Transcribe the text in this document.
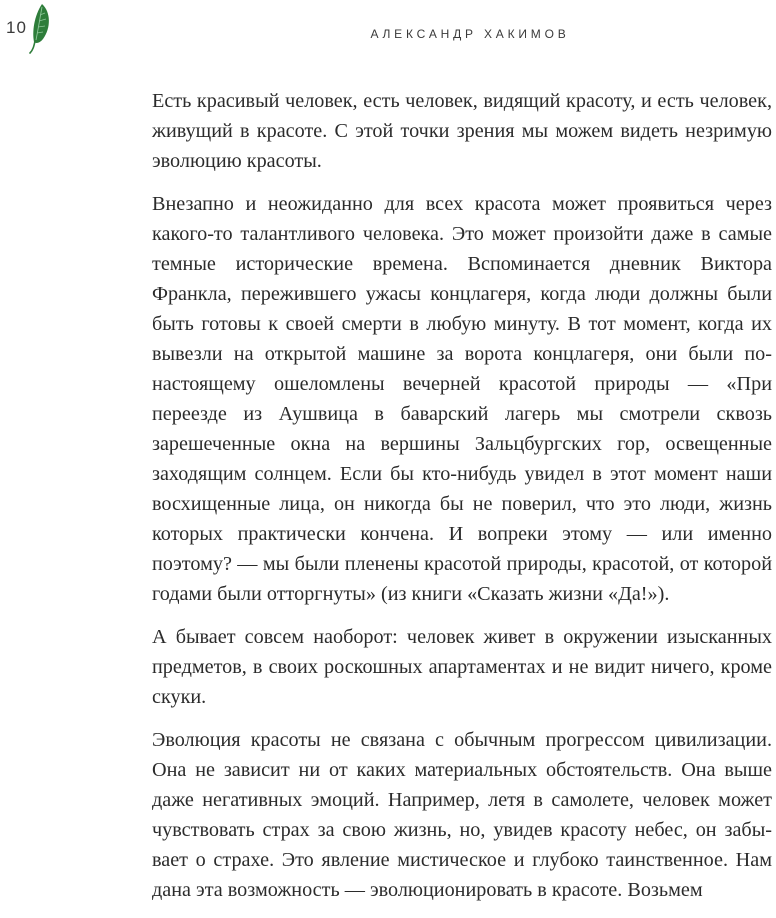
10	АЛЕКСАНДР ХАКИМОВ

Есть красивый человек, есть человек, видящий красоту, и есть человек, живущий в красоте. С этой точки зрения мы можем видеть незримую эволюцию красоты.

Внезапно и неожиданно для всех красота может проявиться через какого-то талантливого человека. Это может произойти даже в самые темные исторические времена. Вспоминается дневник Виктора Франкла, пережившего ужасы концлагеря, когда люди должны были быть готовы к своей смерти в любую минуту. В тот момент, когда их вывезли на открытой машине за ворота концлагеря, они были по-настоящему ошеломлены вечерней красотой природы — «При переезде из Аушвица в баварский лагерь мы смотрели сквозь зарешеченные окна на вершины Зальцбургских гор, освещенные заходящим солнцем. Если бы кто-нибудь увидел в этот момент наши восхищенные лица, он никогда бы не поверил, что это люди, жизнь которых практически кончена. И вопреки этому — или именно поэтому? — мы были пленены красотой природы, красотой, от которой годами были отторгнуты» (из книги «Сказать жизни «Да!»).

А бывает совсем наоборот: человек живет в окружении изысканных предметов, в своих роскошных апартаментах и не видит ничего, кроме скуки.

Эволюция красоты не связана с обычным прогрессом цивилизации. Она не зависит ни от каких материальных обстоятельств. Она выше даже негативных эмоций. Например, летя в самолете, человек может чувствовать страх за свою жизнь, но, увидев красоту небес, он забывает о страхе. Это явление мистическое и глубоко таинственное. Нам дана эта возможность — эволюционировать в красоте. Возьмем
